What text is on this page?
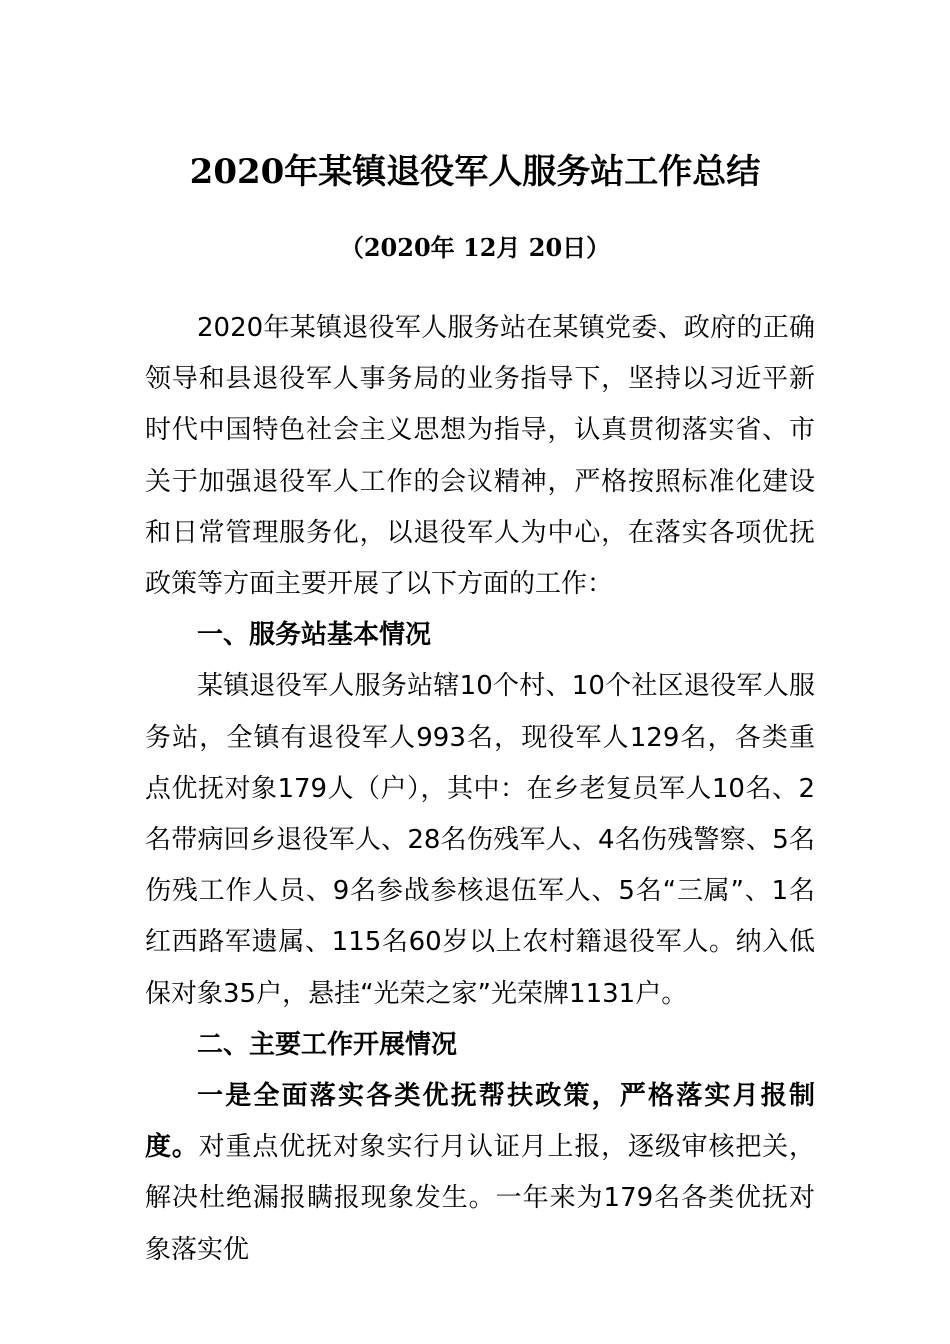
2020年某镇退役军人服务站工作总结
（2020年 12月 20日）

2020年某镇退役军人服务站在某镇党委、政府的正确领导和县退役军人事务局的业务指导下，坚持以习近平新时代中国特色社会主义思想为指导，认真贯彻落实省、市关于加强退役军人工作的会议精神，严格按照标准化建设和日常管理服务化，以退役军人为中心，在落实各项优抚政策等方面主要开展了以下方面的工作：

一、服务站基本情况

某镇退役军人服务站辖10个村、10个社区退役军人服务站，全镇有退役军人993名，现役军人129名，各类重点优抚对象179人（户），其中：在乡老复员军人10名、2名带病回乡退役军人、28名伤残军人、4名伤残警察、5名伤残工作人员、9名参战参核退伍军人、5名“三属”、1名红西路军遗属、115名60岁以上农村籍退役军人。纳入低保对象35户，悬挂“光荣之家”光荣牌1131户。

二、主要工作开展情况

一是全面落实各类优抚帮扶政策，严格落实月报制度。对重点优抚对象实行月认证月上报，逐级审核把关，解决杜绝漏报瞒报现象发生。一年来为179名各类优抚对象落实优
